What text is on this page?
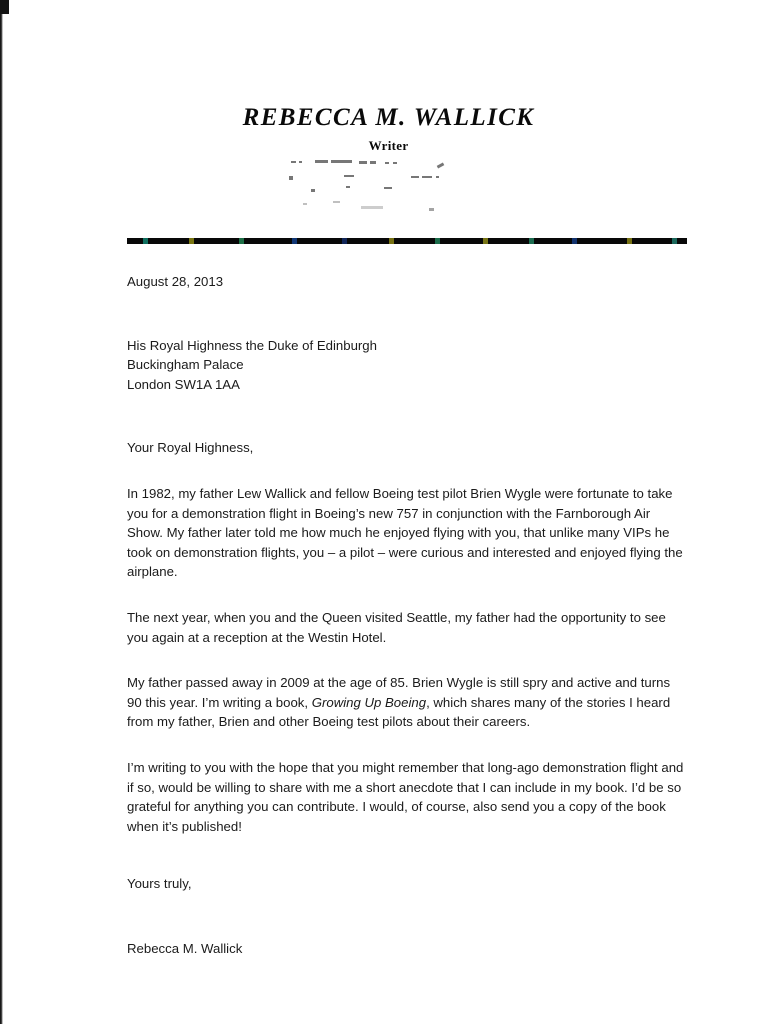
REBECCA M. WALLICK
Writer
August 28, 2013
His Royal Highness the Duke of Edinburgh
Buckingham Palace
London SW1A 1AA
Your Royal Highness,

In 1982, my father Lew Wallick and fellow Boeing test pilot Brien Wygle were fortunate to take you for a demonstration flight in Boeing’s new 757 in conjunction with the Farnborough Air Show. My father later told me how much he enjoyed flying with you, that unlike many VIPs he took on demonstration flights, you – a pilot – were curious and interested and enjoyed flying the airplane.

The next year, when you and the Queen visited Seattle, my father had the opportunity to see you again at a reception at the Westin Hotel.

My father passed away in 2009 at the age of 85. Brien Wygle is still spry and active and turns 90 this year. I’m writing a book, Growing Up Boeing, which shares many of the stories I heard from my father, Brien and other Boeing test pilots about their careers.

I’m writing to you with the hope that you might remember that long-ago demonstration flight and if so, would be willing to share with me a short anecdote that I can include in my book. I’d be so grateful for anything you can contribute. I would, of course, also send you a copy of the book when it’s published!

Yours truly,
Rebecca M. Wallick
